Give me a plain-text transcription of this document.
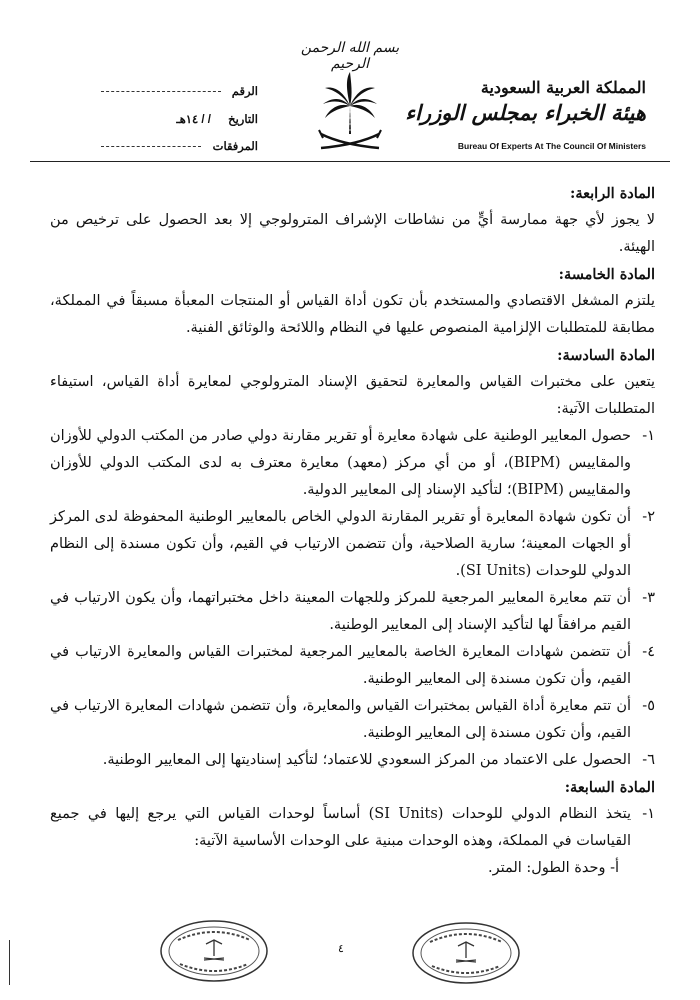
بسم الله الرحمن الرحيم
المملكة العربية السعودية
هيئة الخبراء بمجلس الوزراء
Bureau Of Experts At The Council Of Ministers
الرقم
التاريخ / / ١٤هـ
المرفقات

المادة الرابعة:

لا يجوز لأي جهة ممارسة أيٍّ من نشاطات الإشراف المترولوجي إلا بعد الحصول على ترخيص من الهيئة.

المادة الخامسة:

يلتزم المشغل الاقتصادي والمستخدم بأن تكون أداة القياس أو المنتجات المعبأة مسبقاً في المملكة، مطابقة للمتطلبات الإلزامية المنصوص عليها في النظام واللائحة والوثائق الفنية.

المادة السادسة:

يتعين على مختبرات القياس والمعايرة لتحقيق الإسناد المترولوجي لمعايرة أداة القياس، استيفاء المتطلبات الآتية:

١-
حصول المعايير الوطنية على شهادة معايرة أو تقرير مقارنة دولي صادر من المكتب الدولي للأوزان والمقاييس (BIPM)، أو من أي مركز (معهد) معايرة معترف به لدى المكتب الدولي للأوزان والمقاييس (BIPM)؛ لتأكيد الإسناد إلى المعايير الدولية.
٢-
أن تكون شهادة المعايرة أو تقرير المقارنة الدولي الخاص بالمعايير الوطنية المحفوظة لدى المركز أو الجهات المعينة؛ سارية الصلاحية، وأن تتضمن الارتياب في القيم، وأن تكون مسندة إلى النظام الدولي للوحدات (SI Units).
٣-
أن تتم معايرة المعايير المرجعية للمركز وللجهات المعينة داخل مختبراتهما، وأن يكون الارتياب في القيم مرافقاً لها لتأكيد الإسناد إلى المعايير الوطنية.
٤-
أن تتضمن شهادات المعايرة الخاصة بالمعايير المرجعية لمختبرات القياس والمعايرة الارتياب في القيم، وأن تكون مسندة إلى المعايير الوطنية.
٥-
أن تتم معايرة أداة القياس بمختبرات القياس والمعايرة، وأن تتضمن شهادات المعايرة الارتياب في القيم، وأن تكون مسندة إلى المعايير الوطنية.
٦-
الحصول على الاعتماد من المركز السعودي للاعتماد؛ لتأكيد إسناديتها إلى المعايير الوطنية.

المادة السابعة:

١-
يتخذ النظام الدولي للوحدات (SI Units) أساساً لوحدات القياس التي يرجع إليها في جميع القياسات في المملكة، وهذه الوحدات مبنية على الوحدات الأساسية الآتية:

أ- وحدة الطول: المتر.

٤
